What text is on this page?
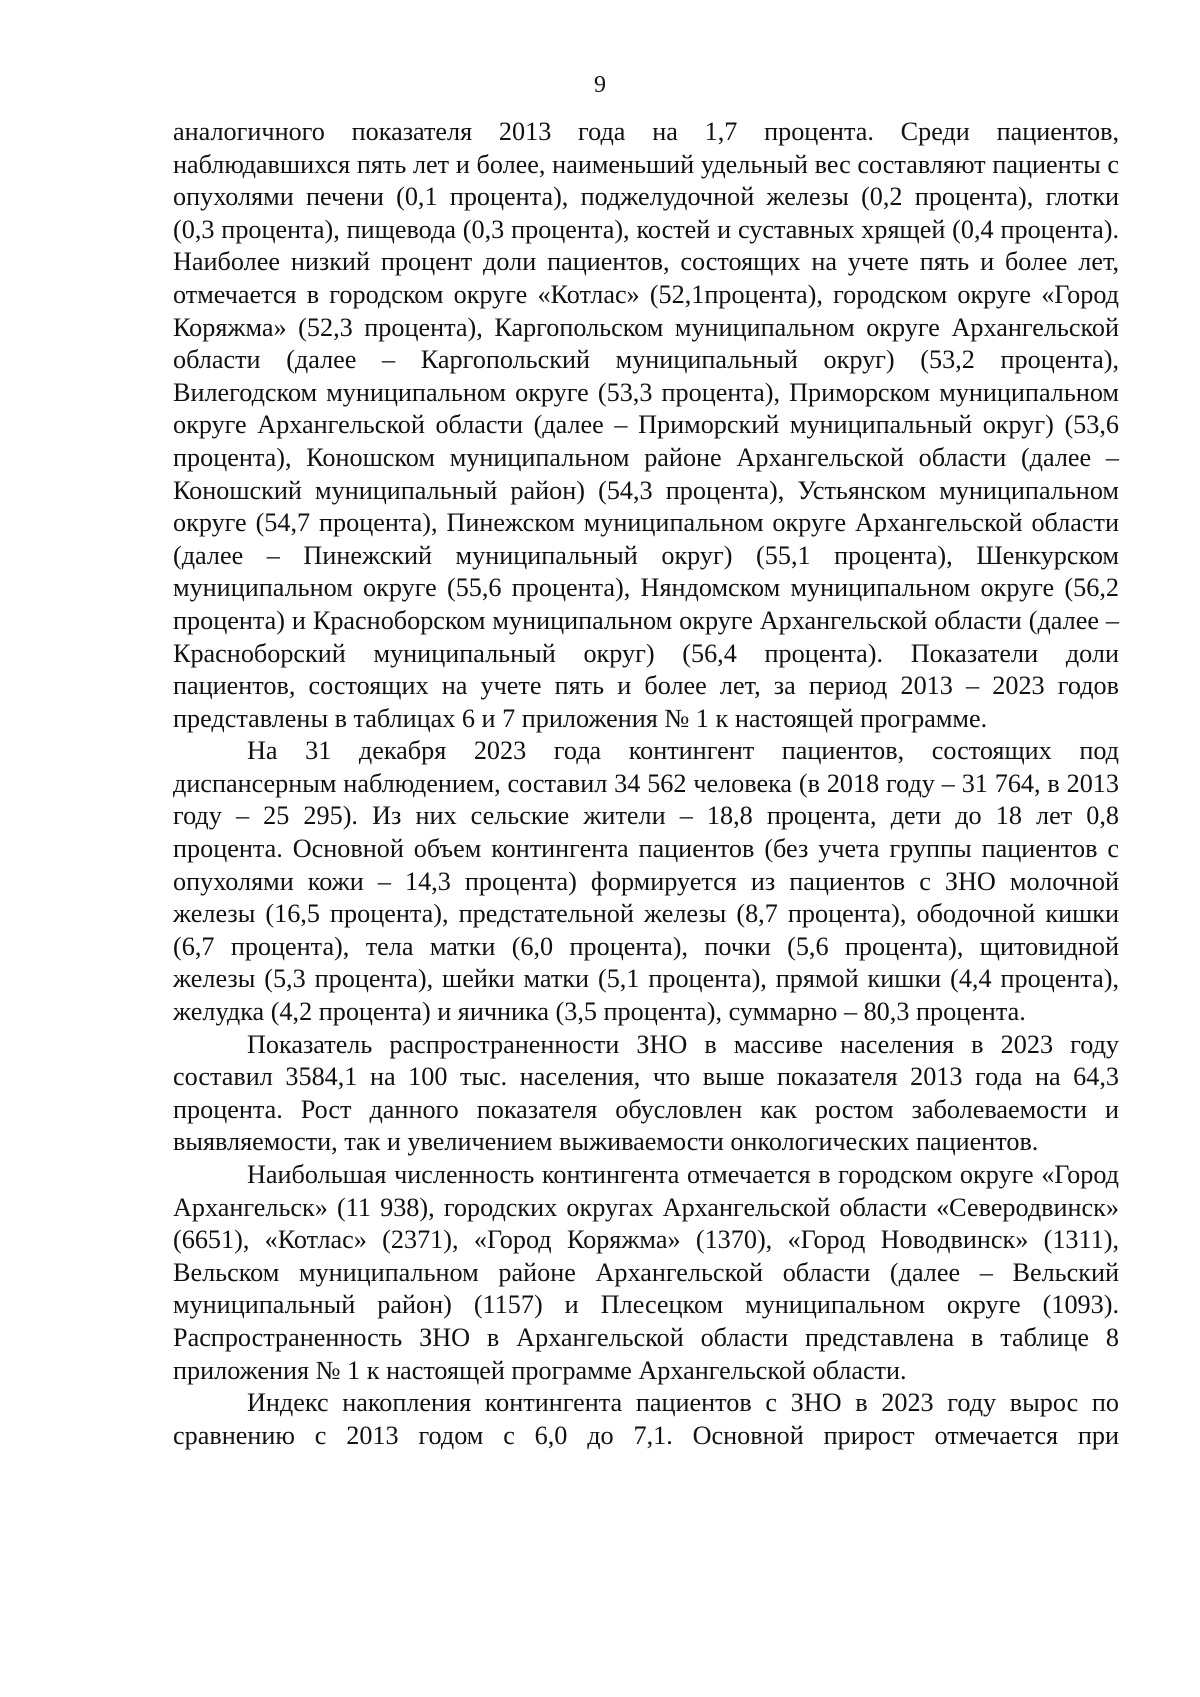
9

аналогичного показателя 2013 года на 1,7 процента. Среди пациентов, наблюдавшихся пять лет и более, наименьший удельный вес составляют пациенты с опухолями печени (0,1 процента), поджелудочной железы (0,2 процента), глотки (0,3 процента), пищевода (0,3 процента), костей и суставных хрящей (0,4 процента). Наиболее низкий процент доли пациентов, состоящих на учете пять и более лет, отмечается в городском округе «Котлас» (52,1процента), городском округе «Город Коряжма» (52,3 процента), Каргопольском муниципальном округе Архангельской области (далее – Каргопольский муниципальный округ) (53,2 процента), Вилегодском муниципальном округе (53,3 процента), Приморском муниципальном округе Архангельской области (далее – Приморский муниципальный округ) (53,6 процента), Коношском муниципальном районе Архангельской области (далее – Коношский муниципальный район) (54,3 процента), Устьянском муниципальном округе (54,7 процента), Пинежском муниципальном округе Архангельской области (далее – Пинежский муниципальный округ) (55,1 процента), Шенкурском муниципальном округе (55,6 процента), Няндомском муниципальном округе (56,2 процента) и Красноборском муниципальном округе Архангельской области (далее – Красноборский муниципальный округ) (56,4 процента). Показатели доли пациентов, состоящих на учете пять и более лет, за период 2013 – 2023 годов представлены в таблицах 6 и 7 приложения № 1 к настоящей программе.

На 31 декабря 2023 года контингент пациентов, состоящих под диспансерным наблюдением, составил 34 562 человека (в 2018 году – 31 764, в 2013 году – 25 295). Из них сельские жители – 18,8 процента, дети до 18 лет 0,8 процента. Основной объем контингента пациентов (без учета группы пациентов с опухолями кожи – 14,3 процента) формируется из пациентов с ЗНО молочной железы (16,5 процента), предстательной железы (8,7 процента), ободочной кишки (6,7 процента), тела матки (6,0 процента), почки (5,6 процента), щитовидной железы (5,3 процента), шейки матки (5,1 процента), прямой кишки (4,4 процента), желудка (4,2 процента) и яичника (3,5 процента), суммарно – 80,3 процента.

Показатель распространенности ЗНО в массиве населения в 2023 году составил 3584,1 на 100 тыс. населения, что выше показателя 2013 года на 64,3 процента. Рост данного показателя обусловлен как ростом заболеваемости и выявляемости, так и увеличением выживаемости онкологических пациентов.

Наибольшая численность контингента отмечается в городском округе «Город Архангельск» (11 938), городских округах Архангельской области «Северодвинск» (6651), «Котлас» (2371), «Город Коряжма» (1370), «Город Новодвинск» (1311), Вельском муниципальном районе Архангельской области (далее – Вельский муниципальный район) (1157) и Плесецком муниципальном округе (1093). Распространенность ЗНО в Архангельской области представлена в таблице 8 приложения № 1 к настоящей программе Архангельской области.

Индекс накопления контингента пациентов с ЗНО в 2023 году вырос по сравнению с 2013 годом с 6,0 до 7,1. Основной прирост отмечается при
